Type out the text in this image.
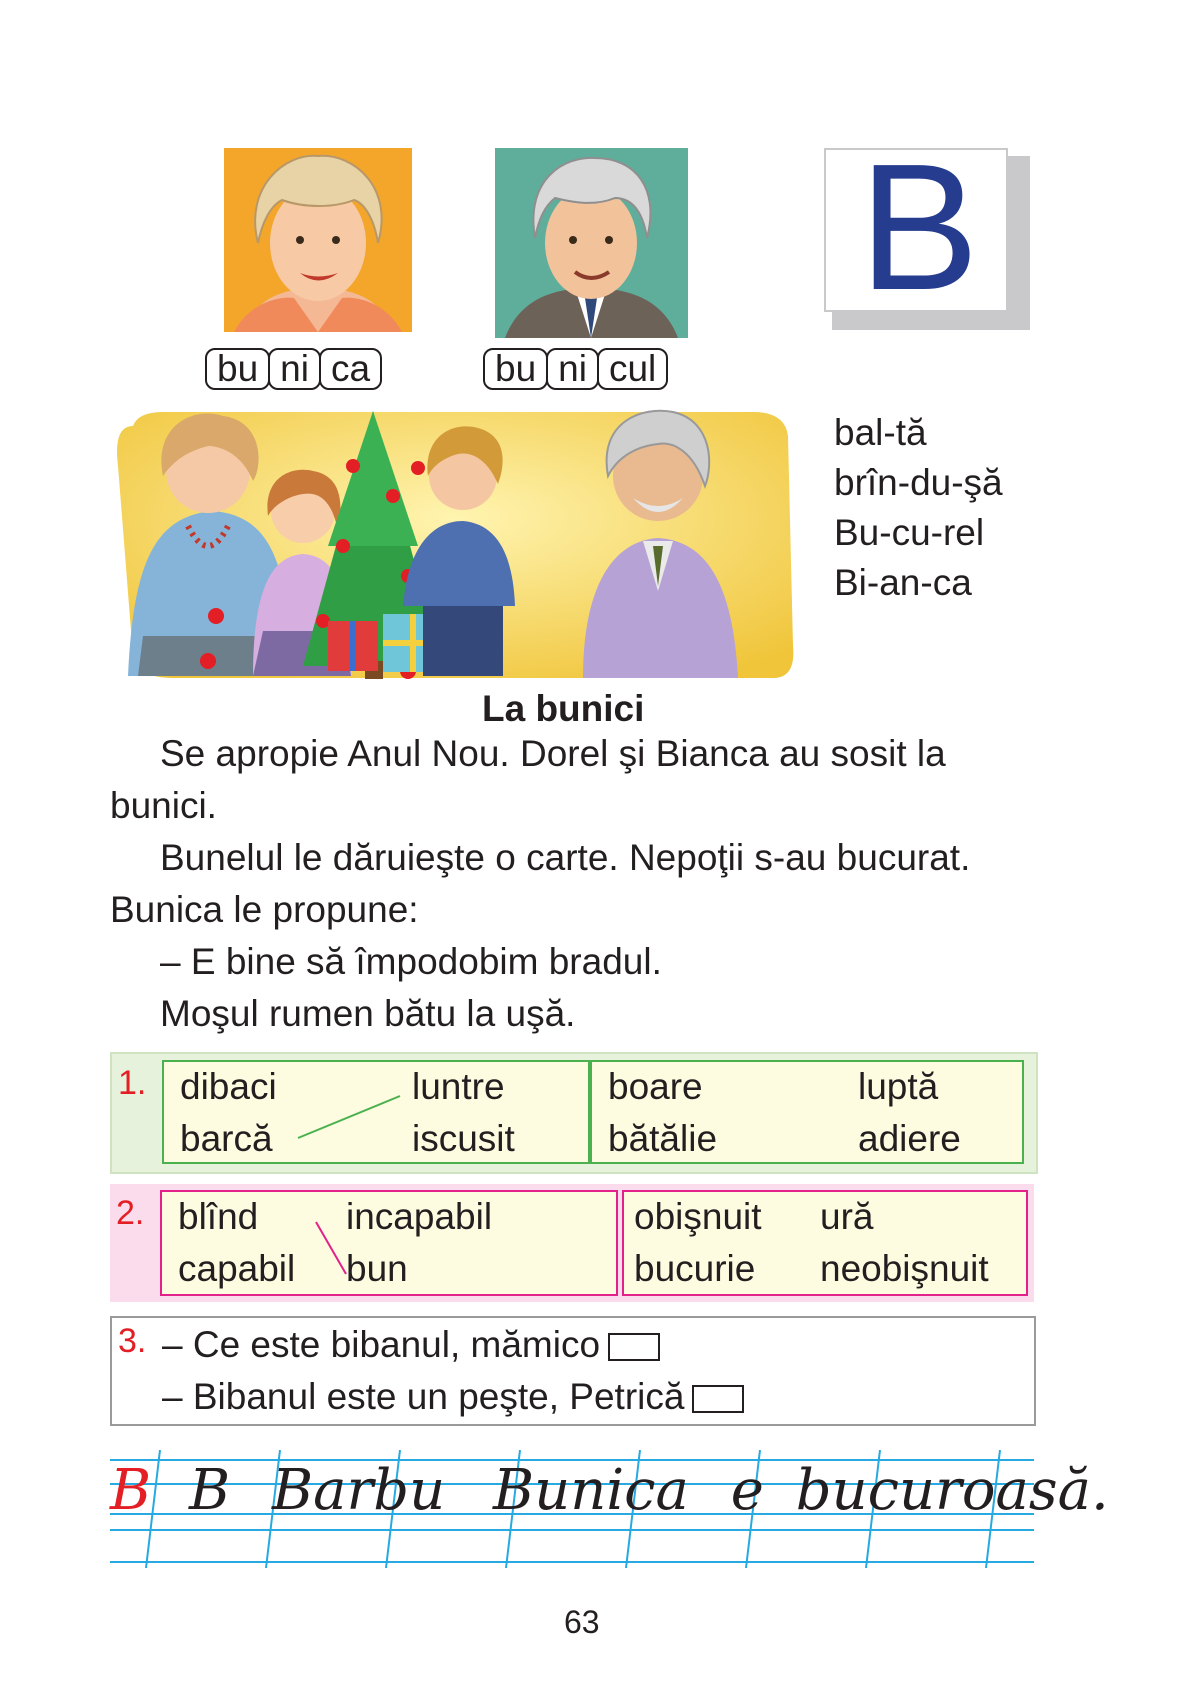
bu ni ca	bu ni cul
B
bal-tă
brîn-du-şă
Bu-cu-rel
Bi-an-ca
La bunici
Se apropie Anul Nou. Dorel şi Bianca au sosit la
bunici.
Bunelul le dăruieşte o carte. Nepoţii s-au bucurat.
Bunica le propune:
– E bine să împodobim bradul.
Moşul rumen bătu la uşă.
1. dibaci
barcă
luntre
iscusit
boare
bătălie
luptă
adiere
2. blînd
capabil
incapabil
bun
obişnuit
bucurie
ură
neobişnuit
3. – Ce este bibanul, mămico
– Bibanul este un peşte, Petrică
B B Barbu Bunica e bucuroasă.
63
